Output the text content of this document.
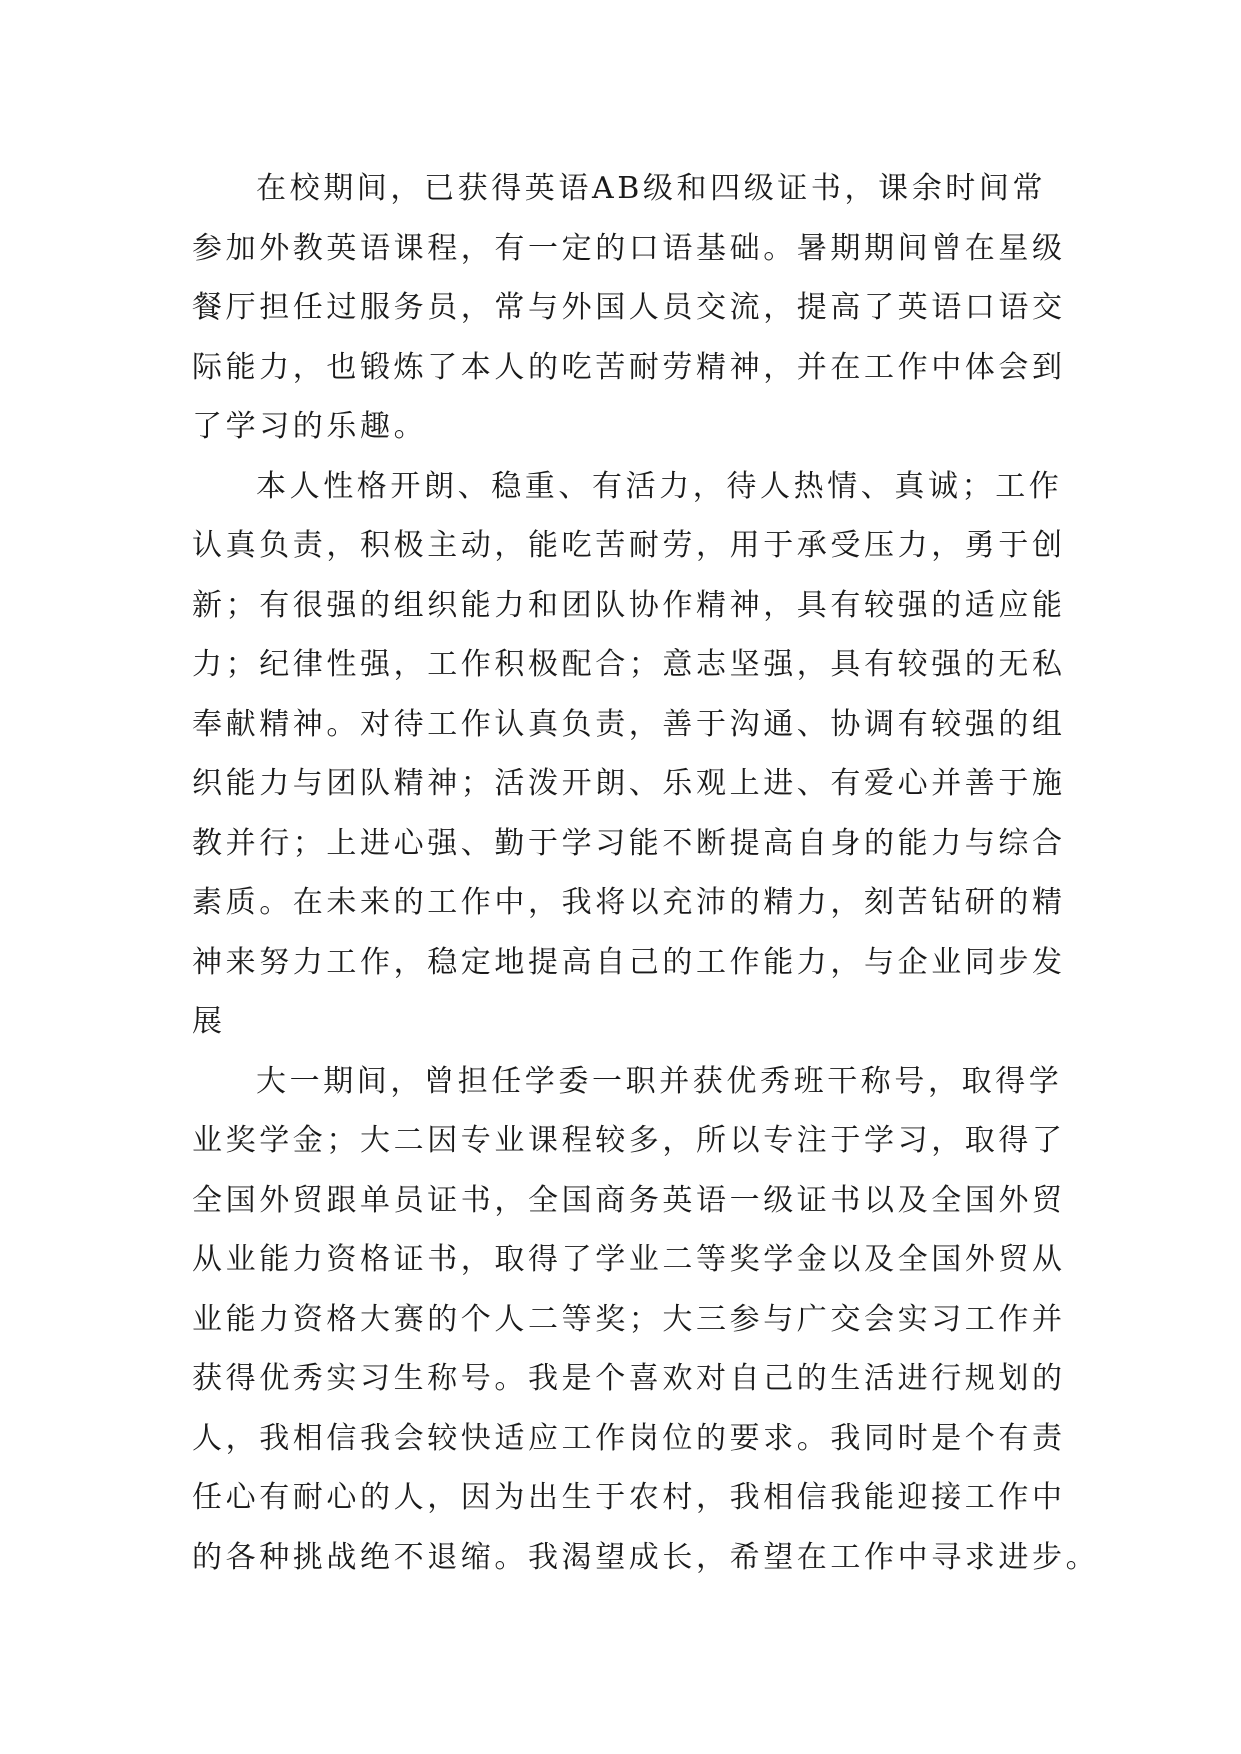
在校期间，已获得英语AB级和四级证书，课余时间常
参加外教英语课程，有一定的口语基础。暑期期间曾在星级
餐厅担任过服务员，常与外国人员交流，提高了英语口语交
际能力，也锻炼了本人的吃苦耐劳精神，并在工作中体会到
了学习的乐趣。

本人性格开朗、稳重、有活力，待人热情、真诚；工作
认真负责，积极主动，能吃苦耐劳，用于承受压力，勇于创
新；有很强的组织能力和团队协作精神，具有较强的适应能
力；纪律性强，工作积极配合；意志坚强，具有较强的无私
奉献精神。对待工作认真负责，善于沟通、协调有较强的组
织能力与团队精神；活泼开朗、乐观上进、有爱心并善于施
教并行；上进心强、勤于学习能不断提高自身的能力与综合
素质。在未来的工作中，我将以充沛的精力，刻苦钻研的精
神来努力工作，稳定地提高自己的工作能力，与企业同步发
展

大一期间，曾担任学委一职并获优秀班干称号，取得学
业奖学金；大二因专业课程较多，所以专注于学习，取得了
全国外贸跟单员证书，全国商务英语一级证书以及全国外贸
从业能力资格证书，取得了学业二等奖学金以及全国外贸从
业能力资格大赛的个人二等奖；大三参与广交会实习工作并
获得优秀实习生称号。我是个喜欢对自己的生活进行规划的
人，我相信我会较快适应工作岗位的要求。我同时是个有责
任心有耐心的人，因为出生于农村，我相信我能迎接工作中
的各种挑战绝不退缩。我渴望成长，希望在工作中寻求进步。
